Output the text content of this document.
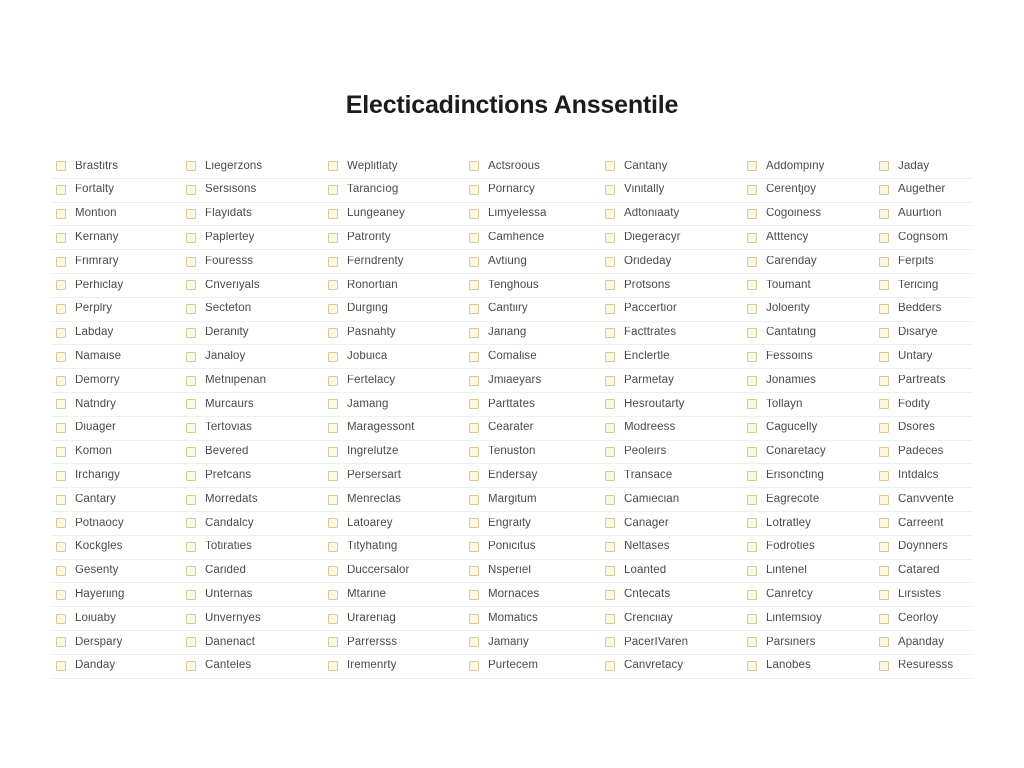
Electicadinctions Anssentile
Brastitrs
Fortalty
Montion
Kernany
Frimrary
Perhiclay
Perplry
Labday
Namaise
Demorry
Natndry
Diuager
Komon
Ircharigy
Cantary
Potnaocy
Kockgles
Gesenty
Hayeriing
Loiuaby
Derspary
Danday
Liegerzons
Sersisons
Flayidats
Paplertey
Fouresss
Cnveriyals
Secteton
Deranity
Janaloy
Metnipenan
Murcaurs
Tertovias
Bevered
Prefcans
Morredats
Candalcy
Totiraties
Carided
Unternas
Unvernyes
Danenact
Canteles
Weplitlaty
Tarancíog
Lungeaney
Patrority
Ferndrenty
Ronortian
Durging
Pasnahty
Jobuica
Fertelacy
Jamang
Maragessont
Ingrelutze
Persersart
Menreclas
Latoarey
Tityhating
Duccersalor
Mtarine
Urareriag
Parrersss
Iremenrty
Actsroous
Pornarcy
Limyelessa
Camhence
Avtiung
Tenghous
Cantiiry
Jariang
Comalise
Jmiaeyars
Parttates
Cearater
Tenuston
Endersay
Margitum
Engraity
Ponicitus
Nsperiel
Mornaces
Momatics
Jamany
Purtecem
Cantany
Vinitally
Adtoniaaty
Diegeracyr
Orideday
Protsons
Paccertior
Facttrates
Enclertle
Parmetay
Hesroutarty
Modreess
Peoleirs
Transace
Camiecian
Canager
Neltases
Loanted
Cntecats
Crenciiay
PacerIVaren
Canvretacy
Addompiny
Cerentjoy
Cogoiness
Atttency
Carenday
Toumant
Joloerity
Cantating
Fessoins
Jonamies
Tollayn
Cagucelly
Conaretacy
Erisoncting
Eagrecote
Lotratley
Fodroties
Lintenel
Canretcy
Lintemsioy
Parsiners
Lanobes
Jaday
Augether
Auurtion
Cognsom
Ferpits
Tericing
Bedders
Disarye
Untary
Partreats
Fodity
Dsores
Padeces
Intdalcs
Canvvente
Carreent
Doynners
Catared
Lirsistes
Ceorloy
Apanday
Resuresss
